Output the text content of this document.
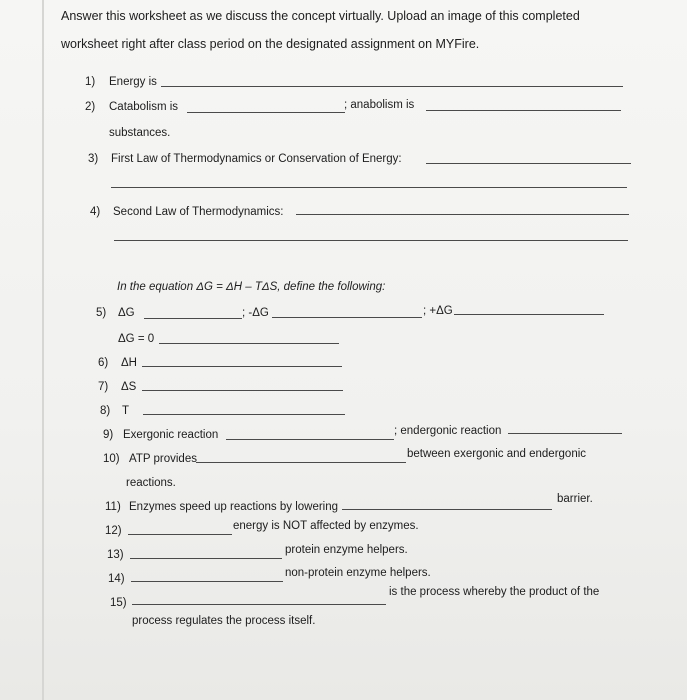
Answer this worksheet as we discuss the concept virtually. Upload an image of this completed
worksheet right after class period on the designated assignment on MYFire.
1) Energy is
2) Catabolism is	; anabolism is
substances.
3) First Law of Thermodynamics or Conservation of Energy:
4) Second Law of Thermodynamics:
In the equation ΔG = ΔH – TΔS, define the following:
5) ΔG	; -ΔG	; +ΔG
ΔG = 0
6) ΔH
7) ΔS
8) T
9) Exergonic reaction	; endergonic reaction
10) ATP provides	between exergonic and endergonic
reactions.
11) Enzymes speed up reactions by lowering
barrier.
12)	energy is NOT affected by enzymes.
13)	protein enzyme helpers.
14)	non-protein enzyme helpers.
15)
is the process whereby the product of the
process regulates the process itself.
